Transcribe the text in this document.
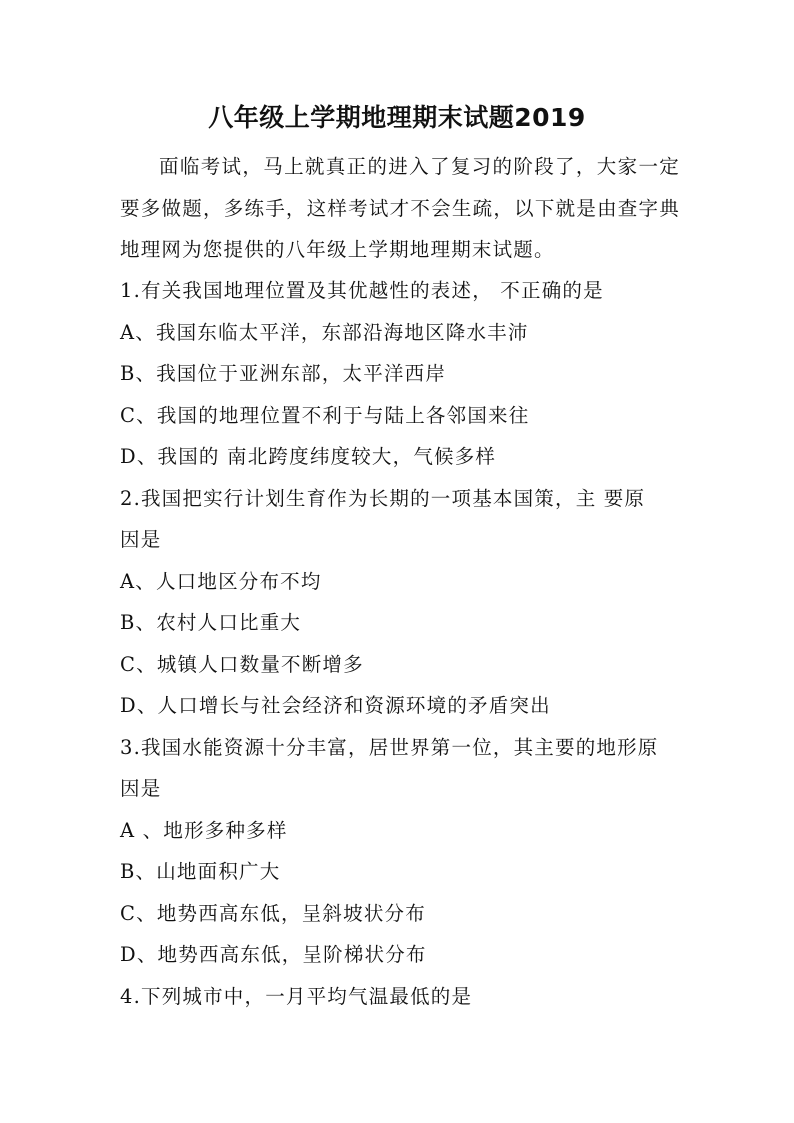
八年级上学期地理期末试题2019
面临考试，马上就真正的进入了复习的阶段了，大家一定要多做题，多练手，这样考试才不会生疏，以下就是由查字典地理网为您提供的八年级上学期地理期末试题。
1.有关我国地理位置及其优越性的表述， 不正确的是
A、我国东临太平洋，东部沿海地区降水丰沛
B、我国位于亚洲东部，太平洋西岸
C、我国的地理位置不利于与陆上各邻国来往
D、我国的 南北跨度纬度较大，气候多样
2.我国把实行计划生育作为长期的一项基本国策，主 要原
因是
A、人口地区分布不均
B、农村人口比重大
C、城镇人口数量不断增多
D、人口增长与社会经济和资源环境的矛盾突出
3.我国水能资源十分丰富，居世界第一位，其主要的地形原
因是
A 、地形多种多样
B、山地面积广大
C、地势西高东低，呈斜坡状分布
D、地势西高东低，呈阶梯状分布
4.下列城市中，一月平均气温最低的是
